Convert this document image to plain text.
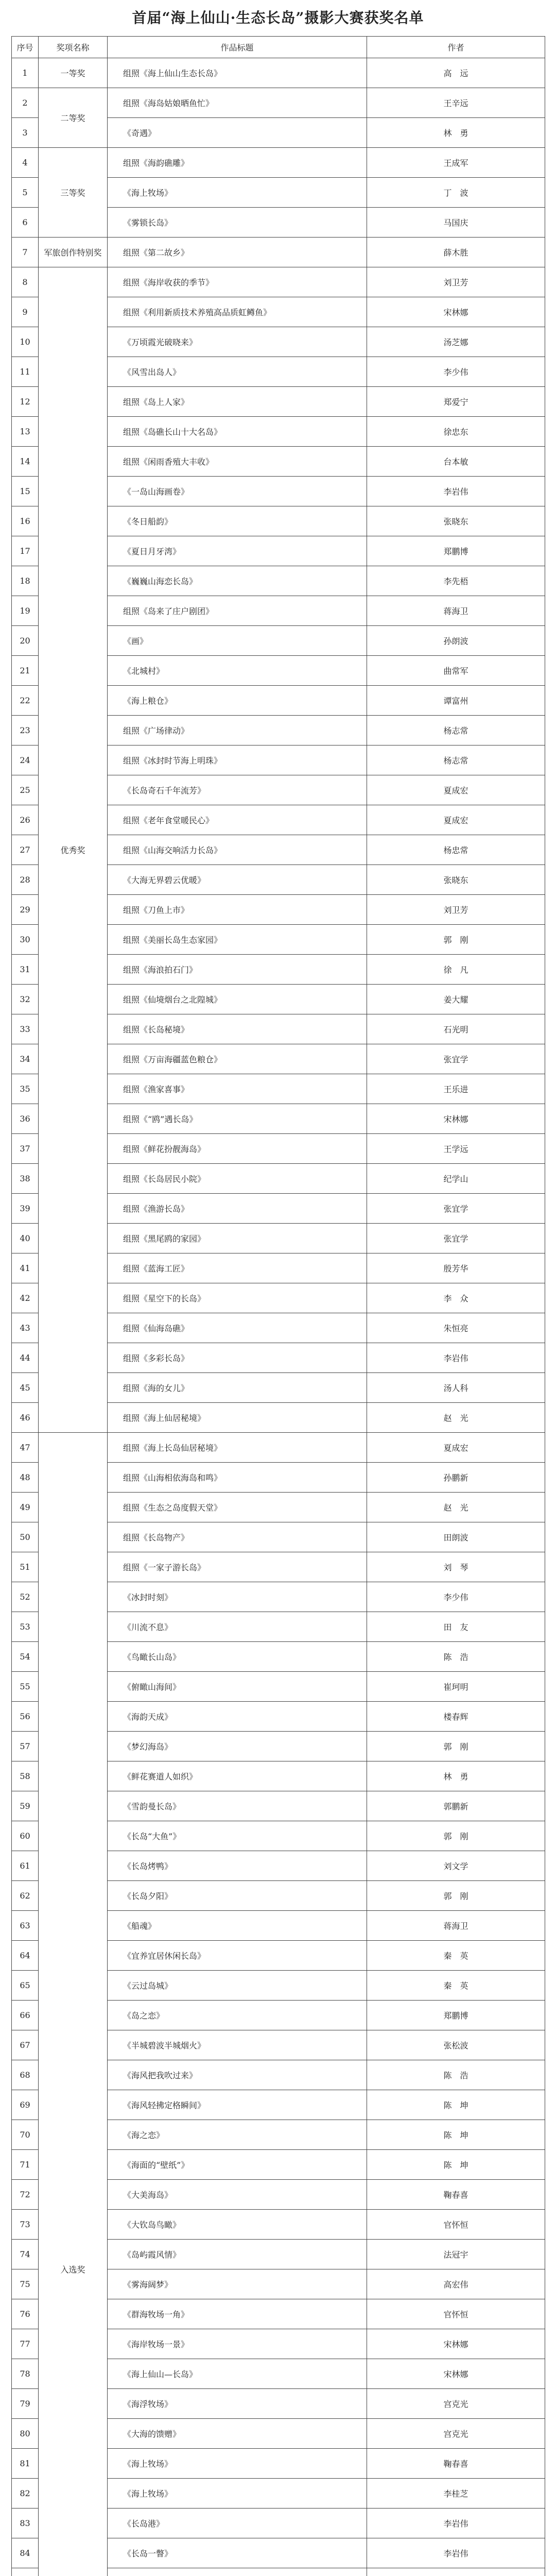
首届“海上仙山·生态长岛”摄影大赛获奖名单
序号	奖项名称	作品标题	作者
1	一等奖	组照《海上仙山生态长岛》	高　远
2	二等奖	组照《海岛姑娘晒鱼忙》	王辛远
3		《奇遇》	林　勇
4	三等奖	组照《海韵礁雕》	王成军
5		《海上牧场》	丁　波
6		《雾锁长岛》	马国庆
7	军旅创作特别奖	组照《第二故乡》	薛木胜
8	优秀奖	组照《海岸收获的季节》	刘卫芳
9		组照《利用新质技术养殖高品质虹鳟鱼》	宋林娜
10		《万顷霞光破晓来》	汤芝娜
11		《风雪出岛人》	李少伟
12		组照《岛上人家》	郑爱宁
13		组照《岛礁长山十大名岛》	徐忠东
14		组照《闲雨香殖大丰收》	台本敏
15		《一岛山海画卷》	李岩伟
16		《冬日船韵》	张晓东
17		《夏日月牙湾》	郑鹏博
18		《巍巍山海恋长岛》	李先梧
19		组照《岛来了庄户剧团》	蒋海卫
20		《画》	孙朗波
21		《北城村》	曲常军
22		《海上粮仓》	谭富州
23		组照《广场律动》	杨志常
24		组照《冰封时节海上明珠》	杨志常
25		《长岛奇石千年流芳》	夏成宏
26		组照《老年食堂暖民心》	夏成宏
27		组照《山海交响活力长岛》	杨忠常
28		《大海无界碧云优暖》	张晓东
29		组照《刀鱼上市》	刘卫芳
30		组照《美丽长岛生态家园》	郭　刚
31		组照《海浪拍石门》	徐　凡
32		组照《仙境烟台之北隍城》	姜大耀
33		组照《长岛秘境》	石光明
34		组照《万亩海疆蓝色粮仓》	张宜学
35		组照《渔家喜事》	王乐进
36		组照《“鸥”遇长岛》	宋林娜
37		组照《鲜花扮靓海岛》	王学远
38		组照《长岛居民小院》	纪学山
39		组照《渔游长岛》	张宜学
40		组照《黑尾鸥的家园》	张宜学
41		组照《蓝海工匠》	殷芳华
42		组照《星空下的长岛》	李　众
43		组照《仙海岛礁》	朱恒亮
44		组照《多彩长岛》	李岩伟
45		组照《海的女儿》	汤人科
46		组照《海上仙居秘境》	赵　光
47	入选奖	组照《海上长岛仙居秘境》	夏成宏
48		组照《山海相依海岛和鸣》	孙鹏新
49		组照《生态之岛度假天堂》	赵　光
50		组照《长岛物产》	田朗波
51		组照《一家子游长岛》	刘　琴
52		《冰封时刻》	李少伟
53		《川流不息》	田　友
54		《鸟瞰长山岛》	陈　浩
55		《俯瞰山海间》	崔珂明
56		《海韵天成》	楼春辉
57		《梦幻海岛》	郭　刚
58		《鲜花赛道人如织》	林　勇
59		《雪韵曼长岛》	郭鹏新
60		《长岛“大鱼”》	郭　刚
61		《长岛烤鸭》	刘文学
62		《长岛夕阳》	郭　刚
63		《船魂》	蒋海卫
64		《宜养宜居休闲长岛》	秦　英
65		《云过岛城》	秦　英
66		《岛之恋》	郑鹏博
67		《半城碧波半城烟火》	张松波
68		《海风把我吹过来》	陈　浩
69		《海风轻拂定格瞬间》	陈　坤
70		《海之恋》	陈　坤
71		《海面的“壁纸”》	陈　坤
72		《大美海岛》	鞠春喜
73		《大钦岛鸟瞰》	官怀恒
74		《岛屿霞风情》	法冠宇
75		《雾海阔梦》	高宏伟
76		《群海牧场一角》	官怀恒
77		《海岸牧场一景》	宋林娜
78		《海上仙山—长岛》	宋林娜
79		《海浮牧场》	宫克光
80		《大海的馈赠》	宫克光
81		《海上牧场》	鞠春喜
82		《海上牧场》	李桂芝
83		《长岛港》	李岩伟
84		《长岛一瞥》	李岩伟
